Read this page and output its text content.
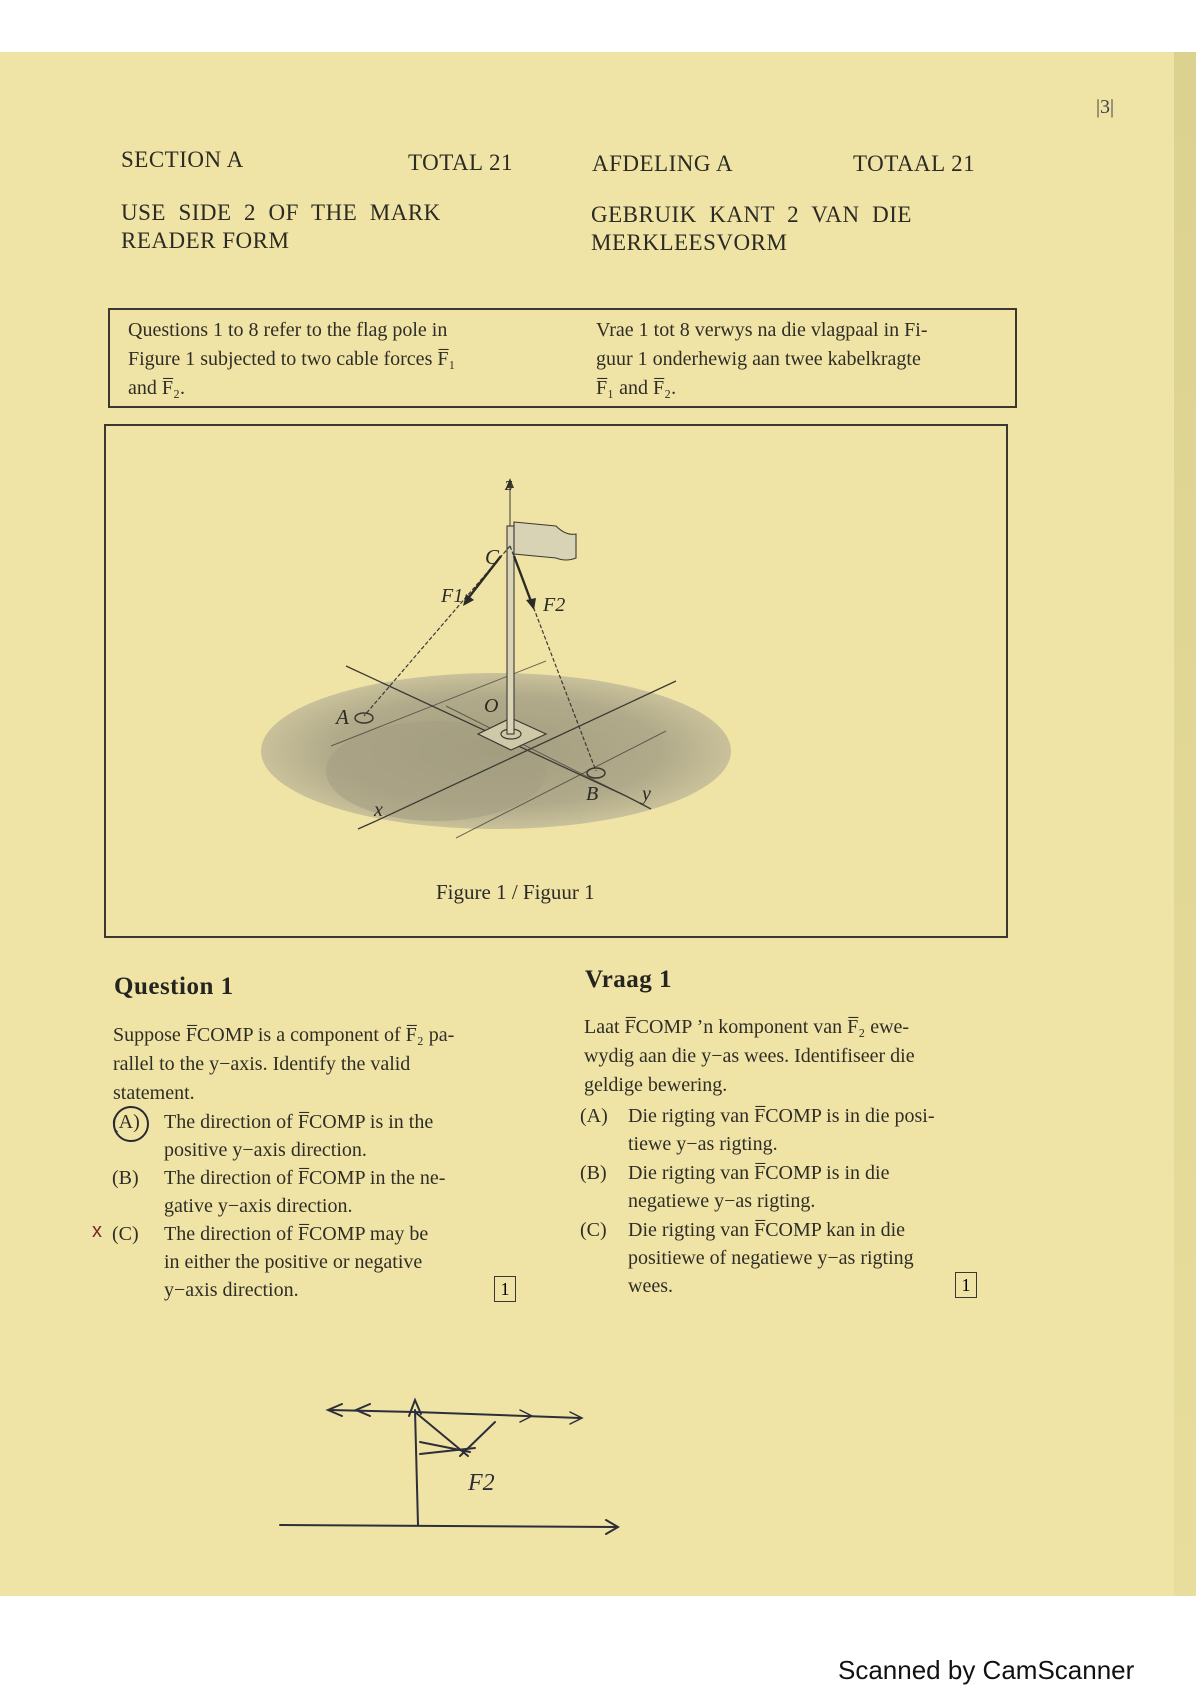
|3|
SECTION A	TOTAL 21	AFDELING A	TOTAAL 21
USE  SIDE  2  OF  THE  MARK
READER FORM
GEBRUIK  KANT  2  VAN  DIE
MERKLEESVORM
Questions 1 to 8 refer to the flag pole in
Figure 1 subjected to two cable forces F̅₁
and F̅₂.
Vrae 1 tot 8 verwys na die vlagpaal in Fi-
guur 1 onderhewig aan twee kabelkragte
F̅₁ and F̅₂.
z
C
F1	F2
O
A
B
x
y
Figure 1 / Figuur 1
Question 1
Suppose F̅COMP is a component of F̅₂ pa-
rallel to the y−axis. Identify the valid
statement.
(A) The direction of F̅COMP is in the
positive y−axis direction.
(B) The direction of F̅COMP in the ne-
gative y−axis direction.
(C) The direction of F̅COMP may be
in either the positive or negative
y−axis direction.
x
1
Vraag 1
Laat F̅COMP ’n komponent van F̅₂ ewe-
wydig aan die y−as wees. Identifiseer die
geldige bewering.
(A) Die rigting van F̅COMP is in die posi-
tiewe y−as rigting.
(B) Die rigting van F̅COMP is in die
negatiewe y−as rigting.
(C) Die rigting van F̅COMP kan in die
positiewe of negatiewe y−as rigting
wees.	1
F2
Scanned by CamScanner
